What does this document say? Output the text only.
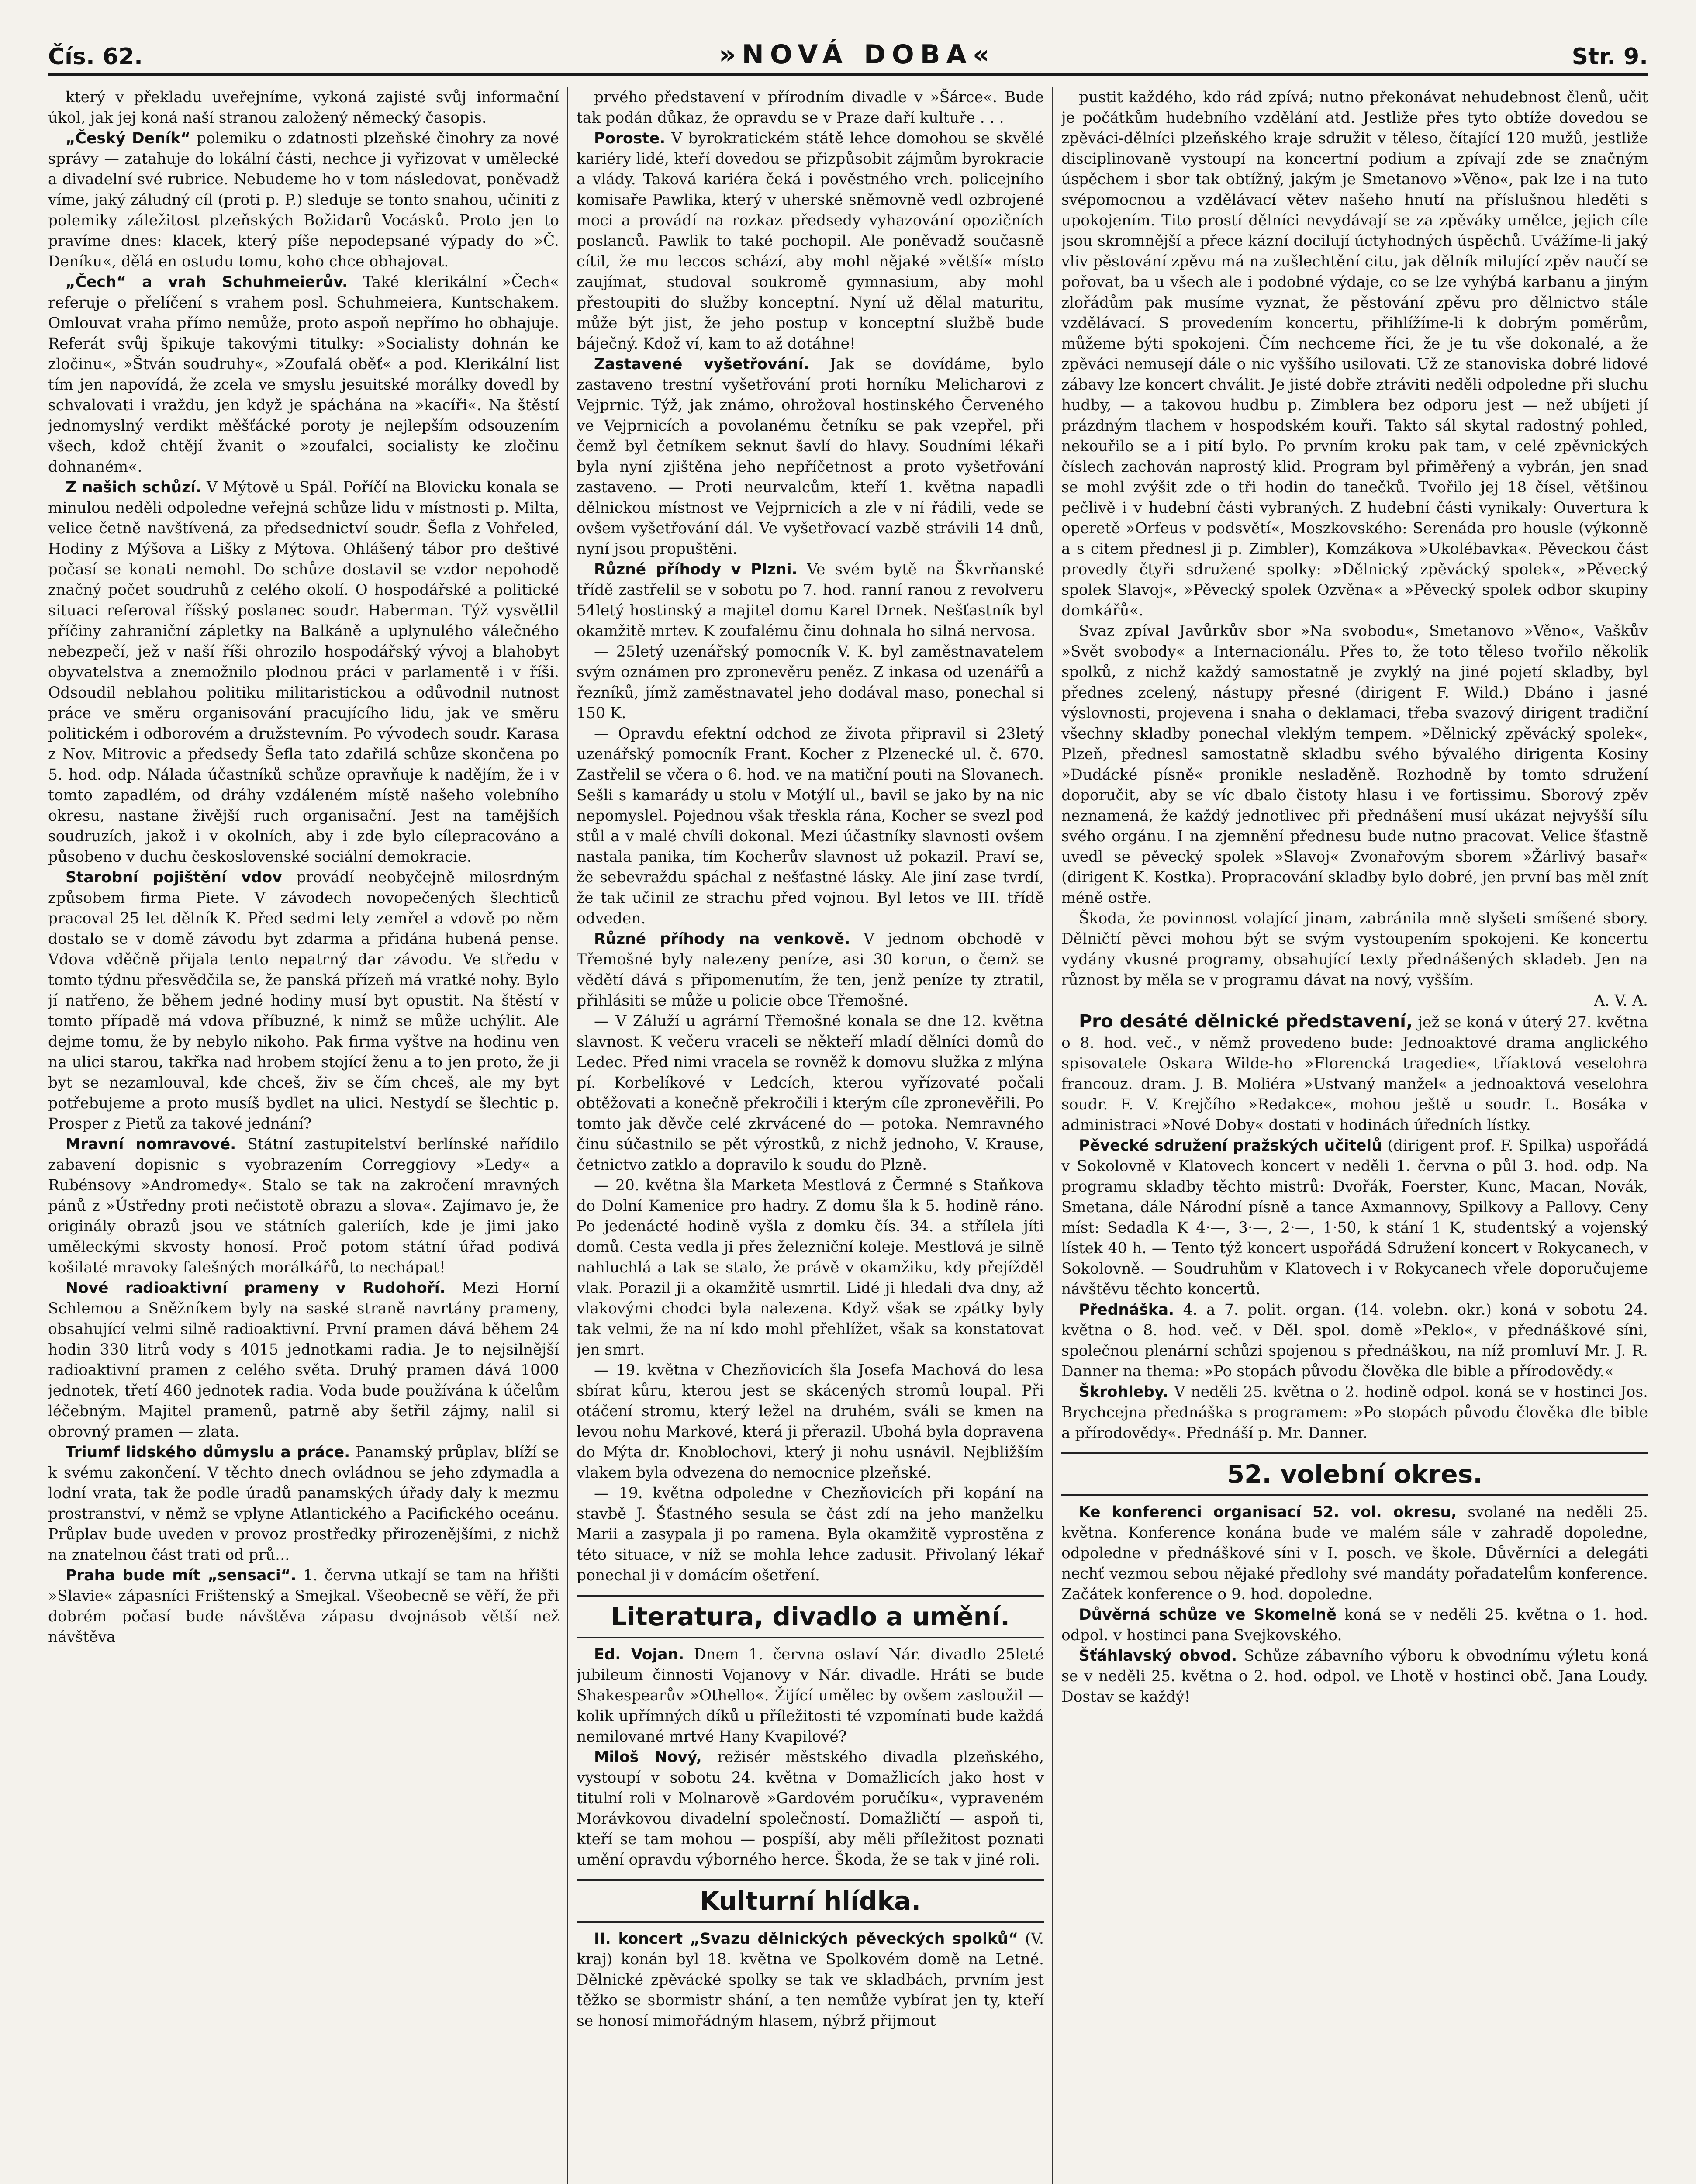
Čís. 62.	»NOVÁ DOBA«	Str. 9.

který v překladu uveřejníme, vykoná zajisté svůj informační úkol, jak jej koná naší stranou založený německý časopis.

„Český Deník“ polemiku o zdatnosti plzeňské činohry za nové správy — zatahuje do lokální části, nechce ji vyřizovat v umělecké a divadelní své rubrice. Nebudeme ho v tom následovat, poněvadž víme, jaký záludný cíl (proti p. P.) sleduje se tonto snahou, učiniti z polemiky záležitost plzeňských Božidarů Vocásků. Proto jen to pravíme dnes: klacek, který píše nepodepsané výpady do »Č. Deníku«, dělá en ostudu tomu, koho chce obhajovat.

„Čech“ a vrah Schuhmeierův. Také klerikální »Čech« referuje o přelíčení s vrahem posl. Schuhmeiera, Kuntschakem. Omlouvat vraha přímo nemůže, proto aspoň nepřímo ho obhajuje. Referát svůj špikuje takovými titulky: »Socialisty dohnán ke zločinu«, »Štván soudruhy«, »Zoufalá oběť« a pod. Klerikální list tím jen napovídá, že zcela ve smyslu jesuitské morálky dovedl by schvalovati i vraždu, jen když je spáchána na »kacíři«. Na štěstí jednomyslný verdikt měšťácké poroty je nejlepším odsouzením všech, kdož chtějí žvanit o »zoufalci, socialisty ke zločinu dohnaném«.

Z našich schůzí. V Mýtově u Spál. Poříčí na Blovicku konala se minulou neděli odpoledne veřejná schůze lidu v místnosti p. Milta, velice četně navštívená, za předsednictví soudr. Šefla z Vohřeled, Hodiny z Mýšova a Lišky z Mýtova. Ohlášený tábor pro deštivé počasí se konati nemohl. Do schůze dostavil se vzdor nepohodě značný počet soudruhů z celého okolí. O hospodářské a politické situaci referoval říšský poslanec soudr. Haberman. Týž vysvětlil příčiny zahraniční zápletky na Balkáně a uplynulého válečného nebezpečí, jež v naší říši ohrozilo hospodářský vývoj a blahobyt obyvatelstva a znemožnilo plodnou práci v parlamentě i v říši. Odsoudil neblahou politiku militaristickou a odůvodnil nutnost práce ve směru organisování pracujícího lidu, jak ve směru politickém i odborovém a družstevním. Po vývodech soudr. Karasa z Nov. Mitrovic a předsedy Šefla tato zdařilá schůze skončena po 5. hod. odp. Nálada účastníků schůze opravňuje k nadějím, že i v tomto zapadlém, od dráhy vzdáleném místě našeho volebního okresu, nastane živější ruch organisační. Jest na tamějších soudruzích, jakož i v okolních, aby i zde bylo cílepracováno a působeno v duchu československé sociální demokracie.

Starobní pojištění vdov provádí neobyčejně milosrdným způsobem firma Piete. V závodech novopečených šlechticů pracoval 25 let dělník K. Před sedmi lety zemřel a vdově po něm dostalo se v domě závodu byt zdarma a přidána hubená pense. Vdova vděčně přijala tento nepatrný dar závodu. Ve středu v tomto týdnu přesvědčila se, že panská přízeň má vratké nohy. Bylo jí natřeno, že během jedné hodiny musí byt opustit. Na štěstí v tomto případě má vdova příbuzné, k nimž se může uchýlit. Ale dejme tomu, že by nebylo nikoho. Pak firma vyštve na hodinu ven na ulici starou, takřka nad hrobem stojící ženu a to jen proto, že ji byt se nezamlouval, kde chceš, živ se čím chceš, ale my byt potřebujeme a proto musíš bydlet na ulici. Nestydí se šlechtic p. Prosper z Pietů za takové jednání?

Mravní nomravové. Státní zastupitelství berlínské nařídilo zabavení dopisnic s vyobrazením Correggiovy »Ledy« a Rubénsovy »Andromedy«. Stalo se tak na zakročení mravných pánů z »Ústředny proti nečistotě obrazu a slova«. Zajímavo je, že originály obrazů jsou ve státních galeriích, kde je jimi jako uměleckými skvosty honosí. Proč potom státní úřad podivá košilaté mravoky falešných morálkářů, to nechápat!

Nové radioaktivní prameny v Rudohoří. Mezi Horní Schlemou a Sněžníkem byly na saské straně navrtány prameny, obsahující velmi silně radioaktivní. První pramen dává během 24 hodin 330 litrů vody s 4015 jednotkami radia. Je to nejsilnější radioaktivní pramen z celého světa. Druhý pramen dává 1000 jednotek, třetí 460 jednotek radia. Voda bude používána k účelům léčebným. Majitel pramenů, patrně aby šetřil zájmy, nalil si obrovný pramen — zlata.

Triumf lidského důmyslu a práce. Panamský průplav, blíží se k svému zakončení. V těchto dnech ovládnou se jeho zdymadla a lodní vrata, tak že podle úradů panamských úřady daly k mezmu prostranství, v němž se vplyne Atlantického a Pacifického oceánu. Průplav bude uveden v provoz prostředky přirozenějšími, z nichž na znatelnou část trati od prů...

Praha bude mít „sensaci“. 1. června utkají se tam na hřišti »Slavie« zápasníci Frištenský a Smejkal. Všeobecně se věří, že při dobrém počasí bude návštěva zápasu dvojnásob větší než návštěva

prvého představení v přírodním divadle v »Šárce«. Bude tak podán důkaz, že opravdu se v Praze daří kultuře . . .

Poroste. V byrokratickém státě lehce domohou se skvělé kariéry lidé, kteří dovedou se přizpůsobit zájmům byrokracie a vlády. Taková kariéra čeká i pověstného vrch. policejního komisaře Pawlika, který v uherské sněmovně vedl ozbrojené moci a provádí na rozkaz předsedy vyhazování opozičních poslanců. Pawlik to také pochopil. Ale poněvadž současně cítil, že mu leccos schází, aby mohl nějaké »větší« místo zaujímat, studoval soukromě gymnasium, aby mohl přestoupiti do služby konceptní. Nyní už dělal maturitu, může být jist, že jeho postup v konceptní službě bude báječný. Kdož ví, kam to až dotáhne!

Zastavené vyšetřování. Jak se dovídáme, bylo zastaveno trestní vyšetřování proti horníku Melicharovi z Vejprnic. Týž, jak známo, ohrožoval hostinského Červeného ve Vejprnicích a povolanému četníku se pak vzepřel, při čemž byl četníkem seknut šavlí do hlavy. Soudními lékaři byla nyní zjištěna jeho nepříčetnost a proto vyšetřování zastaveno. — Proti neurvalcům, kteří 1. května napadli dělnickou místnost ve Vejprnicích a zle v ní řádili, vede se ovšem vyšetřování dál. Ve vyšetřovací vazbě strávili 14 dnů, nyní jsou propuštěni.

Různé příhody v Plzni. Ve svém bytě na Škvrňanské třídě zastřelil se v sobotu po 7. hod. ranní ranou z revolveru 54letý hostinský a majitel domu Karel Drnek. Nešťastník byl okamžitě mrtev. K zoufalému činu dohnala ho silná nervosa.

— 25letý uzenářský pomocník V. K. byl zaměstnavatelem svým oznámen pro zpronevěru peněz. Z inkasa od uzenářů a řezníků, jímž zaměstnavatel jeho dodával maso, ponechal si 150 K.

— Opravdu efektní odchod ze života připravil si 23letý uzenářský pomocník Frant. Kocher z Plzenecké ul. č. 670. Zastřelil se včera o 6. hod. ve na matiční pouti na Slovanech. Sešli s kamarády u stolu v Motýlí ul., bavil se jako by na nic nepomyslel. Pojednou však třeskla rána, Kocher se svezl pod stůl a v malé chvíli dokonal. Mezi účastníky slavnosti ovšem nastala panika, tím Kocherův slavnost už pokazil. Praví se, že sebevraždu spáchal z nešťastné lásky. Ale jiní zase tvrdí, že tak učinil ze strachu před vojnou. Byl letos ve III. třídě odveden.

Různé příhody na venkově. V jednom obchodě v Třemošné byly nalezeny peníze, asi 30 korun, o čemž se vědětí dává s připomenutím, že ten, jenž peníze ty ztratil, přihlásiti se může u policie obce Třemošné.

— V Záluží u agrární Třemošné konala se dne 12. května slavnost. K večeru vraceli se někteří mladí dělníci domů do Ledec. Před nimi vracela se rovněž k domovu služka z mlýna pí. Korbelíkové v Ledcích, kterou vyřízovaté počali obtěžovati a konečně překročili i kterým cíle zpronevěřili. Po tomto jak děvče celé zkrvácené do — potoka. Nemravného činu súčastnilo se pět výrostků, z nichž jednoho, V. Krause, četnictvo zatklo a dopravilo k soudu do Plzně.

— 20. května šla Marketa Mestlová z Čermné s Staňkova do Dolní Kamenice pro hadry. Z domu šla k 5. hodině ráno. Po jedenácté hodině vyšla z domku čís. 34. a střílela jíti domů. Cesta vedla ji přes železniční koleje. Mestlová je silně nahluchlá a tak se stalo, že právě v okamžiku, kdy přejížděl vlak. Porazil ji a okamžitě usmrtil. Lidé ji hledali dva dny, až vlakovými chodci byla nalezena. Když však se zpátky byly tak velmi, že na ní kdo mohl přehlížet, však sa konstatovat jen smrt.

— 19. května v Chezňovicích šla Josefa Machová do lesa sbírat kůru, kterou jest se skácených stromů loupal. Při otáčení stromu, který ležel na druhém, sváli se kmen na levou nohu Markové, která ji přerazil. Ubohá byla dopravena do Mýta dr. Knoblochovi, který ji nohu usnávil. Nejbližším vlakem byla odvezena do nemocnice plzeňské.

— 19. května odpoledne v Chezňovicích při kopání na stavbě J. Šťastného sesula se část zdí na jeho manželku Marii a zasypala ji po ramena. Byla okamžitě vyprostěna z této situace, v níž se mohla lehce zadusit. Přivolaný lékař ponechal ji v domácím ošetření.

Literatura, divadlo a umění.

Ed. Vojan. Dnem 1. června oslaví Nár. divadlo 25leté jubileum činnosti Vojanovy v Nár. divadle. Hráti se bude Shakespearův »Othello«. Žijící umělec by ovšem zasloužil — kolik upřímných díků u příležitosti té vzpomínati bude každá nemilované mrtvé Hany Kvapilové?

Miloš Nový, režisér městského divadla plzeňského, vystoupí v sobotu 24. května v Domažlicích jako host v titulní roli v Molnarově »Gardovém poručíku«, vypraveném Morávkovou divadelní společností. Domažličtí — aspoň ti, kteří se tam mohou — pospíší, aby měli příležitost poznati umění opravdu výborného herce. Škoda, že se tak v jiné roli.

Kulturní hlídka.

II. koncert „Svazu dělnických pěveckých spolků“ (V. kraj) konán byl 18. května ve Spolkovém domě na Letné. Dělnické zpěvácké spolky se tak ve skladbách, prvním jest těžko se sbormistr shání, a ten nemůže vybírat jen ty, kteří se honosí mimořádným hlasem, nýbrž přijmout

pustit každého, kdo rád zpívá; nutno překonávat nehudebnost členů, učit je počátkům hudebního vzdělání atd. Jestliže přes tyto obtíže dovedou se zpěváci-dělníci plzeňského kraje sdružit v těleso, čítající 120 mužů, jestliže disciplinovaně vystoupí na koncertní podium a zpívají zde se značným úspěchem i sbor tak obtížný, jakým je Smetanovo »Věno«, pak lze i na tuto svépomocnou a vzdělávací větev našeho hnutí na příslušnou hleděti s upokojením. Tito prostí dělníci nevydávají se za zpěváky umělce, jejich cíle jsou skromnější a přece kázní docilují úctyhodných úspěchů. Uvážíme-li jaký vliv pěstování zpěvu má na zušlechtění citu, jak dělník milující zpěv naučí se pořovat, ba u všech ale i podobné výdaje, co se lze vyhýbá karbanu a jiným zlořádům pak musíme vyznat, že pěstování zpěvu pro dělnictvo stále vzdělávací. S provedením koncertu, přihlížíme-li k dobrým poměrům, můžeme býti spokojeni. Čím nechceme říci, že je tu vše dokonalé, a že zpěváci nemusejí dále o nic vyššího usilovati. Už ze stanoviska dobré lidové zábavy lze koncert chválit. Je jisté dobře ztráviti neděli odpoledne při sluchu hudby, — a takovou hudbu p. Zimblera bez odporu jest — než ubíjeti jí prázdným tlachem v hospodském kouři. Takto sál skytal radostný pohled, nekouřilo se a i pití bylo. Po prvním kroku pak tam, v celé zpěvnických číslech zachován naprostý klid. Program byl přiměřený a vybrán, jen snad se mohl zvýšit zde o tři hodin do tanečků. Tvořilo jej 18 čísel, většinou pečlivě i v hudební části vybraných. Z hudební části vynikaly: Ouvertura k operetě »Orfeus v podsvětí«, Moszkovského: Serenáda pro housle (výkonně a s citem přednesl ji p. Zimbler), Komzákova »Ukolébavka«. Pěveckou část provedly čtyři sdružené spolky: »Dělnický zpěvácký spolek«, »Pěvecký spolek Slavoj«, »Pěvecký spolek Ozvěna« a »Pěvecký spolek odbor skupiny domkářů«.

Svaz zpíval Javůrkův sbor »Na svobodu«, Smetanovo »Věno«, Vaškův »Svět svobody« a Internacionálu. Přes to, že toto těleso tvořilo několik spolků, z nichž každý samostatně je zvyklý na jiné pojetí skladby, byl přednes zcelený, nástupy přesné (dirigent F. Wild.) Dbáno i jasné výslovnosti, projevena i snaha o deklamaci, třeba svazový dirigent tradiční všechny skladby ponechal vleklým tempem. »Dělnický zpěvácký spolek«, Plzeň, přednesl samostatně skladbu svého bývalého dirigenta Kosiny »Dudácké písně« pronikle nesladěně. Rozhodně by tomto sdružení doporučit, aby se víc dbalo čistoty hlasu i ve fortissimu. Sborový zpěv neznamená, že každý jednotlivec při přednášení musí ukázat nejvyšší sílu svého orgánu. I na zjemnění přednesu bude nutno pracovat. Velice šťastně uvedl se pěvecký spolek »Slavoj« Zvonařovým sborem »Žárlivý basař« (dirigent K. Kostka). Propracování skladby bylo dobré, jen první bas měl znít méně ostře.

Škoda, že povinnost volající jinam, zabránila mně slyšeti smíšené sbory. Dělničtí pěvci mohou být se svým vystoupením spokojeni. Ke koncertu vydány vkusné programy, obsahující texty přednášených skladeb. Jen na různost by měla se v programu dávat na nový, vyšším.

A. V. A.

Pro desáté dělnické představení, jež se koná v úterý 27. května o 8. hod. več., v němž provedeno bude: Jednoaktové drama anglického spisovatele Oskara Wilde-ho »Florencká tragedie«, tříaktová veselohra francouz. dram. J. B. Moliéra »Ustvaný manžel« a jednoaktová veselohra soudr. F. V. Krejčího »Redakce«, mohou ještě u soudr. L. Bosáka v administraci »Nové Doby« dostati v hodinách úředních lístky.

Pěvecké sdružení pražských učitelů (dirigent prof. F. Spilka) uspořádá v Sokolovně v Klatovech koncert v neděli 1. června o půl 3. hod. odp. Na programu skladby těchto mistrů: Dvořák, Foerster, Kunc, Macan, Novák, Smetana, dále Národní písně a tance Axmannovy, Spilkovy a Pallovy. Ceny míst: Sedadla K 4·—, 3·—, 2·—, 1·50, k stání 1 K, studentský a vojenský lístek 40 h. — Tento týž koncert uspořádá Sdružení koncert v Rokycanech, v Sokolovně. — Soudruhům v Klatovech i v Rokycanech vřele doporučujeme návštěvu těchto koncertů.

Přednáška. 4. a 7. polit. organ. (14. volebn. okr.) koná v sobotu 24. května o 8. hod. več. v Děl. spol. domě »Peklo«, v přednáškové síni, společnou plenární schůzi spojenou s přednáškou, na níž promluví Mr. J. R. Danner na thema: »Po stopách původu člověka dle bible a přírodovědy.«

Škrohleby. V neděli 25. května o 2. hodině odpol. koná se v hostinci Jos. Brychcejna přednáška s programem: »Po stopách původu člověka dle bible a přírodovědy«. Přednáší p. Mr. Danner.

52. volební okres.

Ke konferenci organisací 52. vol. okresu, svolané na neděli 25. května. Konference konána bude ve malém sále v zahradě dopoledne, odpoledne v přednáškové síni v I. posch. ve škole. Důvěrníci a delegáti nechť vezmou sebou nějaké předlohy své mandáty pořadatelům konference. Začátek konference o 9. hod. dopoledne.

Důvěrná schůze ve Skomelně koná se v neděli 25. května o 1. hod. odpol. v hostinci pana Svejkovského.

Šťáhlavský obvod. Schůze zábavního výboru k obvodnímu výletu koná se v neděli 25. května o 2. hod. odpol. ve Lhotě v hostinci obč. Jana Loudy. Dostav se každý!
